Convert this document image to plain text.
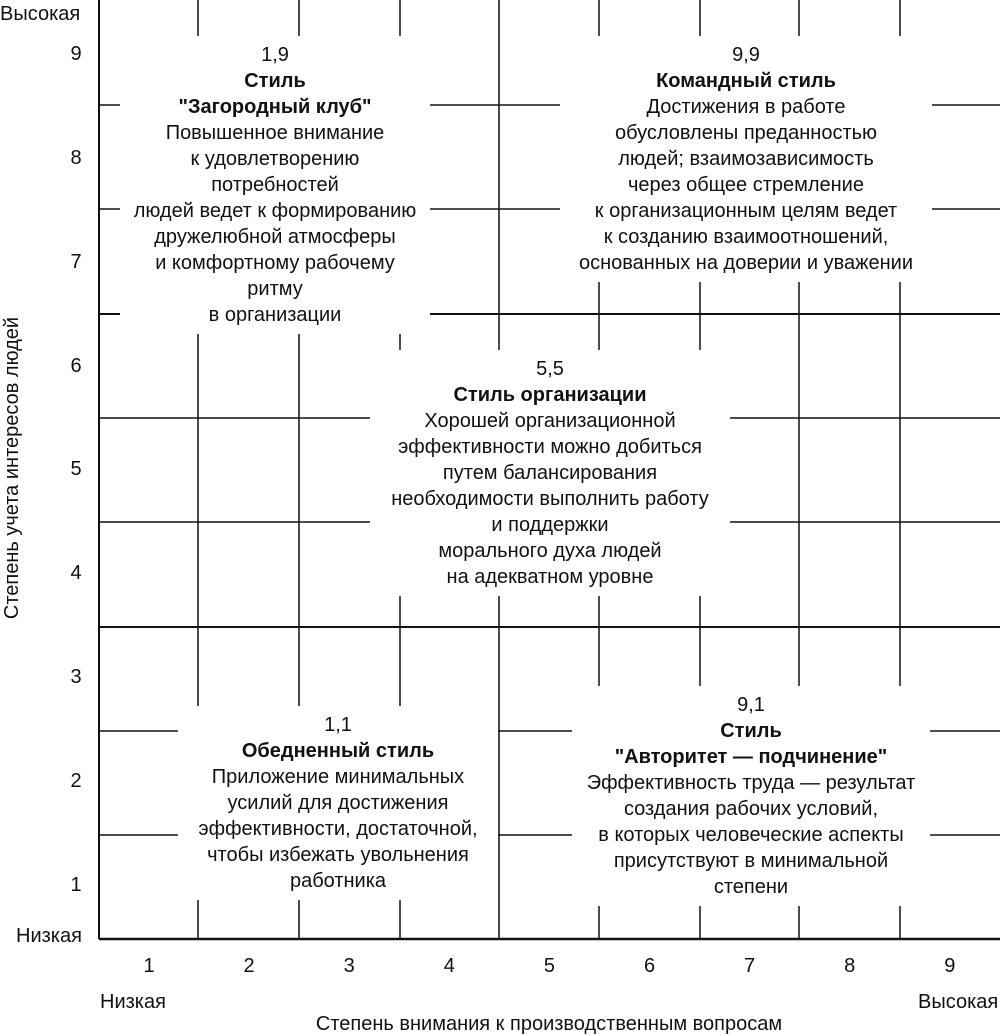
Высокая
Низкая
Степень учета интересов людей
1
2
3
4
5
6
7
8
9
1	2	3	4	5	6	7	8	9
Низкая	Высокая
Степень внимания к производственным вопросам
1,9
Стиль
"Загородный клуб"
Повышенное внимание
к удовлетворению потребностей
людей ведет к формированию
дружелюбной атмосферы
и комфортному рабочему ритму
в организации
9,9
Командный стиль
Достижения в работе
обусловлены преданностью
людей; взаимозависимость
через общее стремление
к организационным целям ведет
к созданию взаимоотношений,
основанных на доверии и уважении
5,5
Стиль организации
Хорошей организационной
эффективности можно добиться
путем балансирования
необходимости выполнить работу
и поддержки
морального духа людей
на адекватном уровне
1,1
Обедненный стиль
Приложение минимальных
усилий для достижения
эффективности, достаточной,
чтобы избежать увольнения
работника
9,1
Стиль
"Авторитет — подчинение"
Эффективность труда — результат
создания рабочих условий,
в которых человеческие аспекты
присутствуют в минимальной
степени
